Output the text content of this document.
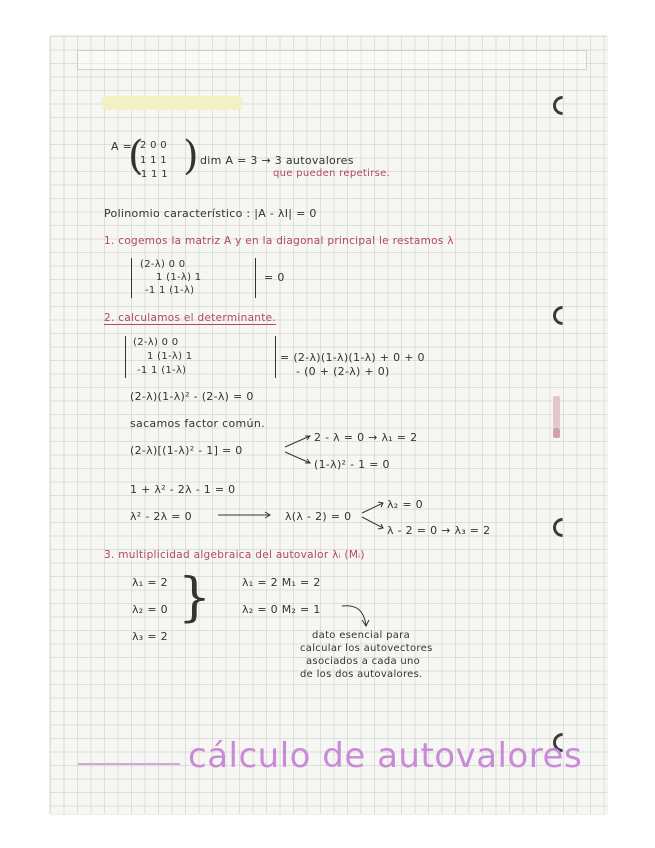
A =
(
2 0 0
1 1 1
-1 1 1 ) dim A = 3 → 3 autovalores
que pueden repetirse.
Polinomio característico : |A - λI| = 0
1. cogemos la matriz A y en la diagonal principal le restamos λ
(2-λ) 0 0
1 (1-λ) 1
-1 1 (1-λ)
= 0
2. calculamos el determinante.
(2-λ) 0 0
1 (1-λ) 1
-1 1 (1-λ)
= (2-λ)(1-λ)(1-λ) + 0 + 0
- (0 + (2-λ) + 0)
(2-λ)(1-λ)² - (2-λ) = 0
sacamos factor común.
(2-λ)[(1-λ)² - 1] = 0
2 - λ = 0 → λ₁ = 2
(1-λ)² - 1 = 0
1 + λ² - 2λ - 1 = 0
λ² - 2λ = 0	λ(λ - 2) = 0
λ₂ = 0
λ - 2 = 0 → λ₃ = 2
3. multiplicidad algebraica del autovalor λᵢ (Mᵢ)
λ₁ = 2
λ₂ = 0
λ₃ = 2
}	λ₁ = 2 M₁ = 2
λ₂ = 0 M₂ = 1
dato esencial para
calcular los autovectores
asociados a cada uno
de los dos autovalores.
cálculo de autovalores
